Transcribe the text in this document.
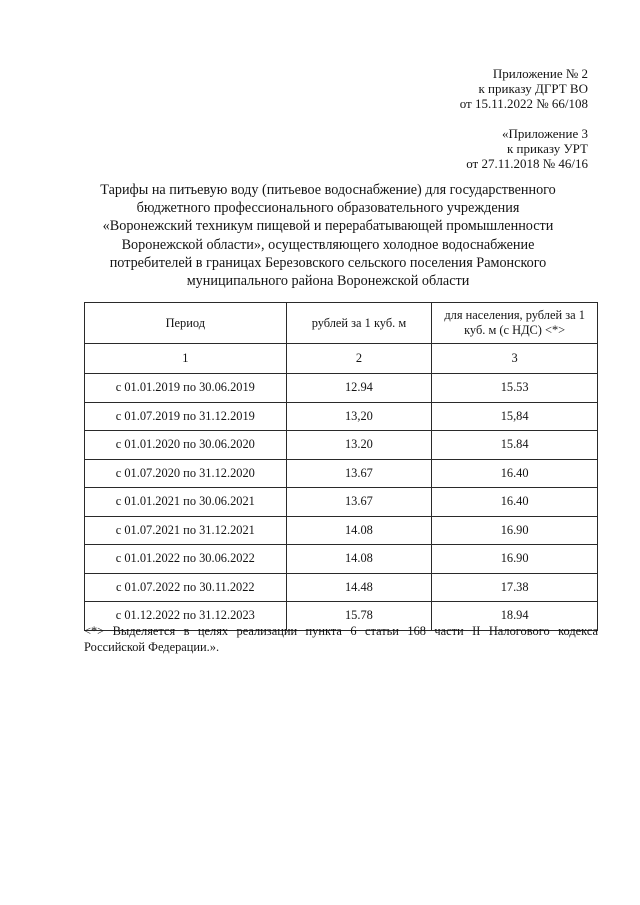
Приложение № 2
к приказу ДГРТ ВО
от 15.11.2022 № 66/108
«Приложение 3
к приказу УРТ
от 27.11.2018 № 46/16
Тарифы на питьевую воду (питьевое водоснабжение) для государственного
бюджетного профессионального образовательного учреждения
«Воронежский техникум пищевой и перерабатывающей промышленности
Воронежской области», осуществляющего холодное водоснабжение
потребителей в границах Березовского сельского поселения Рамонского
муниципального района Воронежской области
Период	рублей за 1 куб. м	для населения, рублей за 1 куб. м (с НДС) <*>
1	2	3
с 01.01.2019 по 30.06.2019	12.94	15.53
с 01.07.2019 по 31.12.2019	13,20	15,84
с 01.01.2020 по 30.06.2020	13.20	15.84
с 01.07.2020 по 31.12.2020	13.67	16.40
с 01.01.2021 по 30.06.2021	13.67	16.40
с 01.07.2021 по 31.12.2021	14.08	16.90
с 01.01.2022 по 30.06.2022	14.08	16.90
с 01.07.2022 по 30.11.2022	14.48	17.38
с 01.12.2022 по 31.12.2023	15.78	18.94
<*> Выделяется в целях реализации пункта 6 статьи 168 части II Налогового кодекса Российской Федерации.».
